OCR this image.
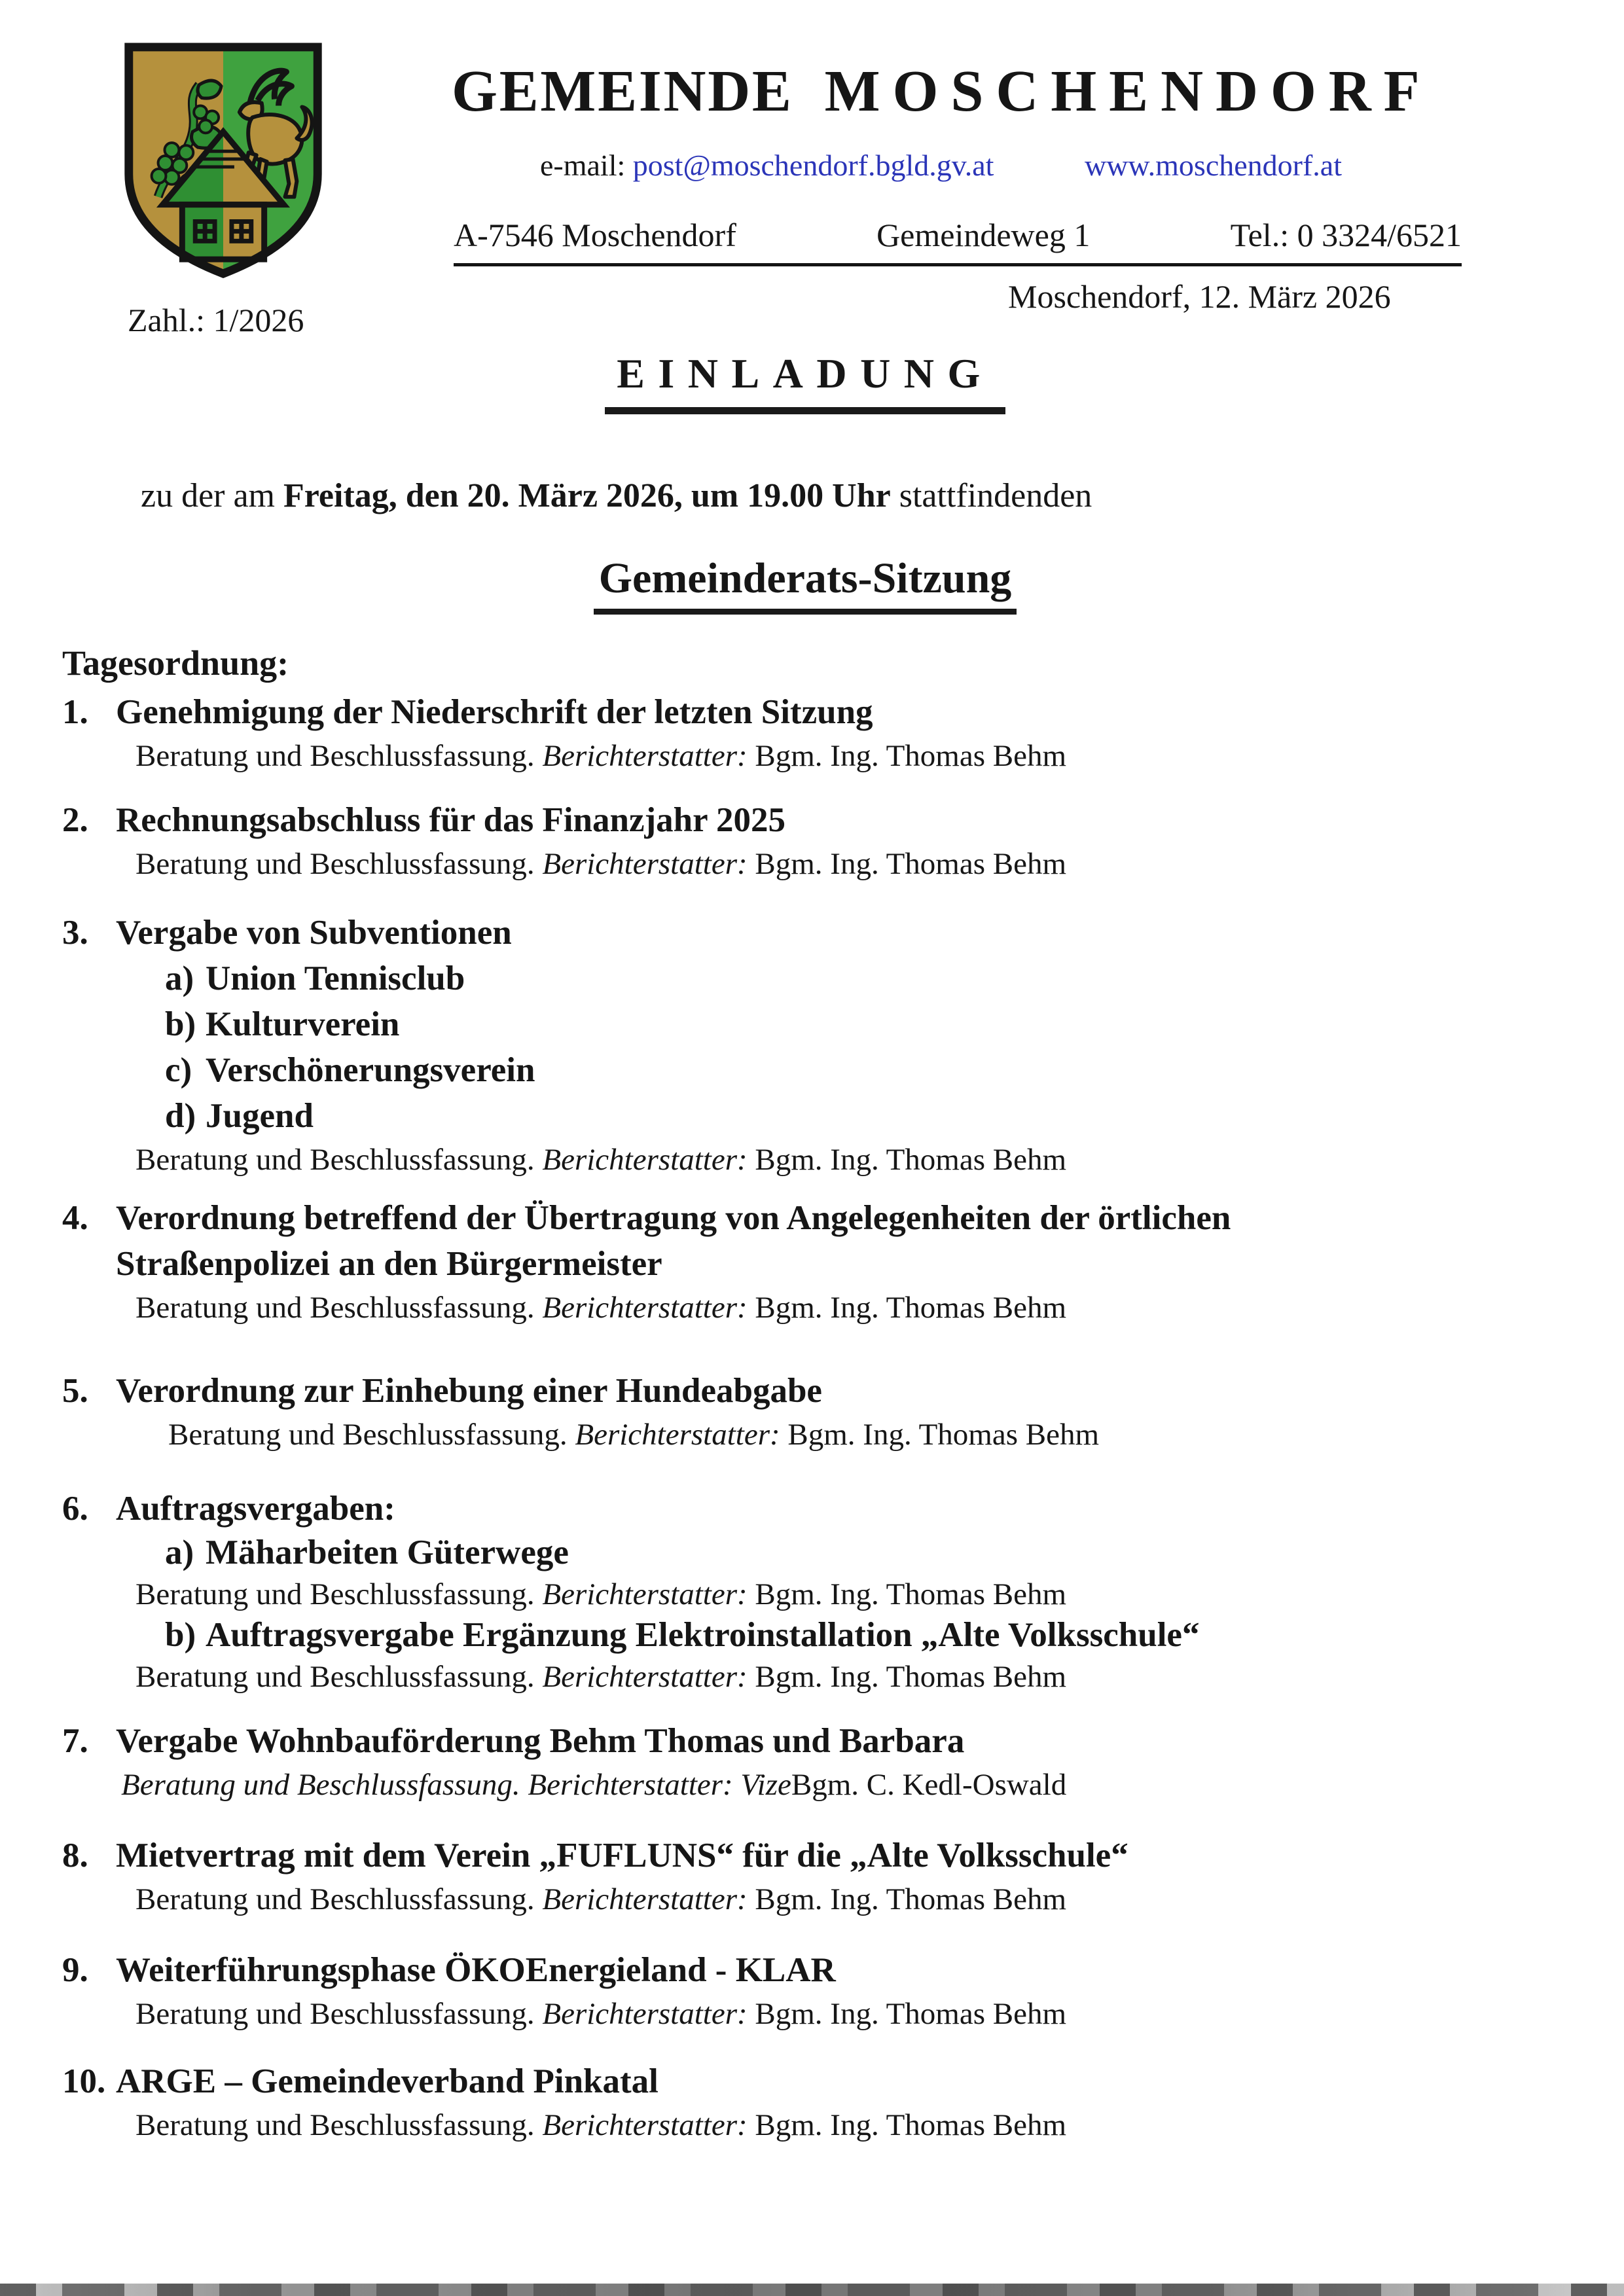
GEMEINDE MOSCHENDORF
e-mail: post@moschendorf.bgld.gv.at	www.moschendorf.at
A-7546 Moschendorf	Gemeindeweg 1	Tel.: 0 3324/6521
Moschendorf, 12. März 2026
Zahl.: 1/2026
EINLADUNG
zu der am Freitag, den 20. März 2026, um 19.00 Uhr stattfindenden
Gemeinderats-Sitzung
Tagesordnung:
1. Genehmigung der Niederschrift der letzten Sitzung
Beratung und Beschlussfassung. Berichterstatter: Bgm. Ing. Thomas Behm
2. Rechnungsabschluss für das Finanzjahr 2025
Beratung und Beschlussfassung. Berichterstatter: Bgm. Ing. Thomas Behm
3. Vergabe von Subventionen
a) Union Tennisclub
b) Kulturverein
c) Verschönerungsverein
d) Jugend
Beratung und Beschlussfassung. Berichterstatter: Bgm. Ing. Thomas Behm
4. Verordnung betreffend der Übertragung von Angelegenheiten der örtlichen
Straßenpolizei an den Bürgermeister
Beratung und Beschlussfassung. Berichterstatter: Bgm. Ing. Thomas Behm
5. Verordnung zur Einhebung einer Hundeabgabe
Beratung und Beschlussfassung. Berichterstatter: Bgm. Ing. Thomas Behm
6. Auftragsvergaben:
a) Mäharbeiten Güterwege
Beratung und Beschlussfassung. Berichterstatter: Bgm. Ing. Thomas Behm
b) Auftragsvergabe Ergänzung Elektroinstallation „Alte Volksschule“
Beratung und Beschlussfassung. Berichterstatter: Bgm. Ing. Thomas Behm
7. Vergabe Wohnbauförderung Behm Thomas und Barbara
Beratung und Beschlussfassung. Berichterstatter: VizeBgm. C. Kedl-Oswald
8. Mietvertrag mit dem Verein „FUFLUNS“ für die „Alte Volksschule“
Beratung und Beschlussfassung. Berichterstatter: Bgm. Ing. Thomas Behm
9. Weiterführungsphase ÖKOEnergieland - KLAR
Beratung und Beschlussfassung. Berichterstatter: Bgm. Ing. Thomas Behm
10. ARGE – Gemeindeverband Pinkatal
Beratung und Beschlussfassung. Berichterstatter: Bgm. Ing. Thomas Behm
